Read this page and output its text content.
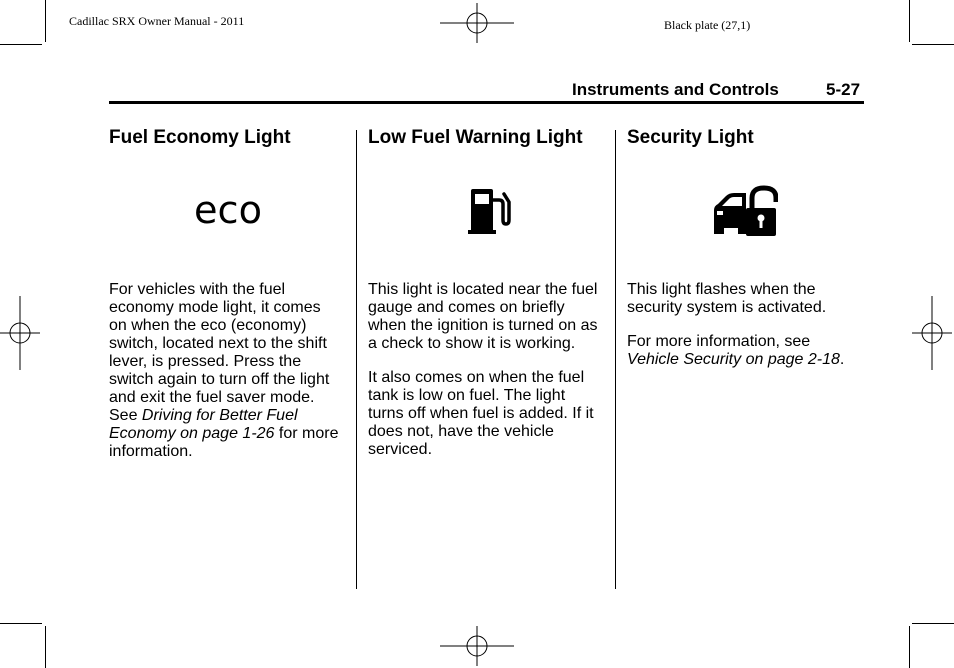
Cadillac SRX Owner Manual - 2011	Black plate (27,1)
Instruments and Controls	5-27
Fuel Economy Light
eco

For vehicles with the fuel economy mode light, it comes on when the eco (economy) switch, located next to the shift lever, is pressed. Press the switch again to turn off the light and exit the fuel saver mode. See Driving for Better Fuel Economy on page 1-26 for more information.

Low Fuel Warning Light

This light is located near the fuel gauge and comes on briefly when the ignition is turned on as a check to show it is working.

It also comes on when the fuel tank is low on fuel. The light turns off when fuel is added. If it does not, have the vehicle serviced.

Security Light

This light flashes when the security system is activated.

For more information, see Vehicle Security on page 2-18.
